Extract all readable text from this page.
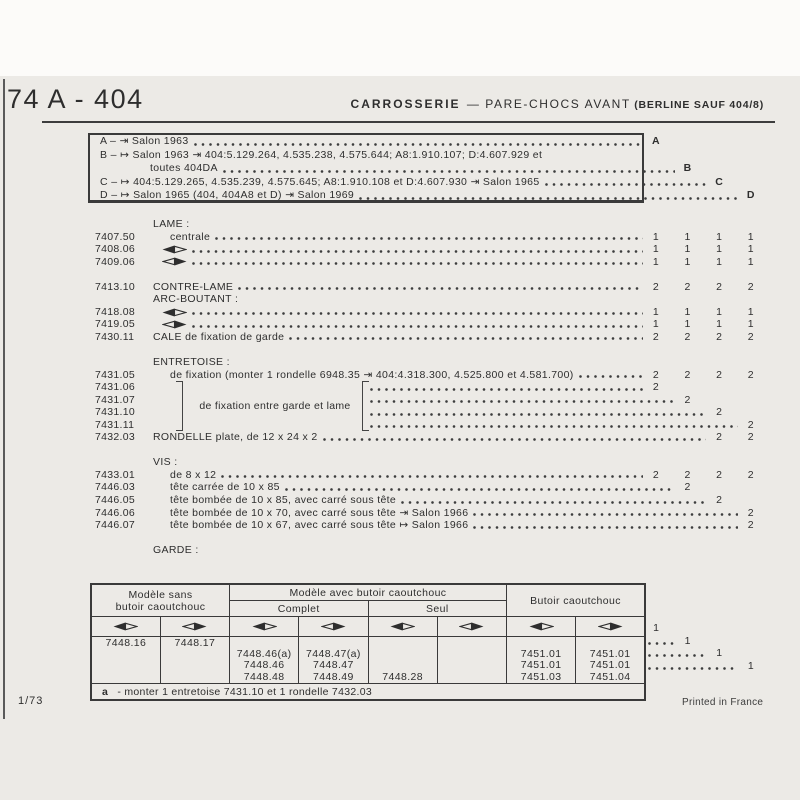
74 A - 404	CARROSSERIE — PARE-CHOCS AVANT (BERLINE SAUF 404/8)
A – ⇥ Salon 1963	A
B – ↦ Salon 1963 ⇥ 404:5.129.264, 4.535.238, 4.575.644; A8:1.910.107; D:4.607.929 et
toutes 404DA	B
C – ↦ 404:5.129.265, 4.535.239, 4.575.645; A8:1.910.108 et D:4.607.930 ⇥ Salon 1965	C
D – ↦ Salon 1965 (404, 404A8 et D) ⇥ Salon 1969	D
LAME :
7407.50	centrale	1	1	1	1
7408.06	1	1	1	1
7409.06	1	1	1	1
7413.10	CONTRE-LAME	2	2	2	2
ARC-BOUTANT :
7418.08	1	1	1	1
7419.05	1	1	1	1
7430.11	CALE de fixation de garde	2	2	2	2
ENTRETOISE :
7431.05	de fixation (monter 1 rondelle 6948.35 ⇥ 404:4.318.300, 4.525.800 et 4.581.700)	2	2	2	2
7431.06	2
7431.07	2
7431.10	2
7431.11	2
7432.03	RONDELLE plate, de 12 x 24 x 2	2	2
VIS :
7433.01	de 8 x 12	2	2	2	2
7446.03	tête carrée de 10 x 85	2
7446.05	tête bombée de 10 x 85, avec carré sous tête	2
7446.06	tête bombée de 10 x 70, avec carré sous tête ⇥ Salon 1966	2
7446.07	tête bombée de 10 x 67, avec carré sous tête ↦ Salon 1966	2
GARDE :
de fixation entre garde et lame
Modèle sans
butoir caoutchouc		Modèle avec butoir caoutchouc				Butoir caoutchouc	
		Complet		Seul			

7448.16	7448.17

7448.46(a)
7448.46
7448.48

7448.47(a)
7448.47
7448.49	7448.28

7451.01
7451.01
7451.03

7451.01
7451.01
7451.04

a - monter 1 entretoise 7431.10 et 1 rondelle 7432.03							
1
1
1
1
1/73	Printed in France
